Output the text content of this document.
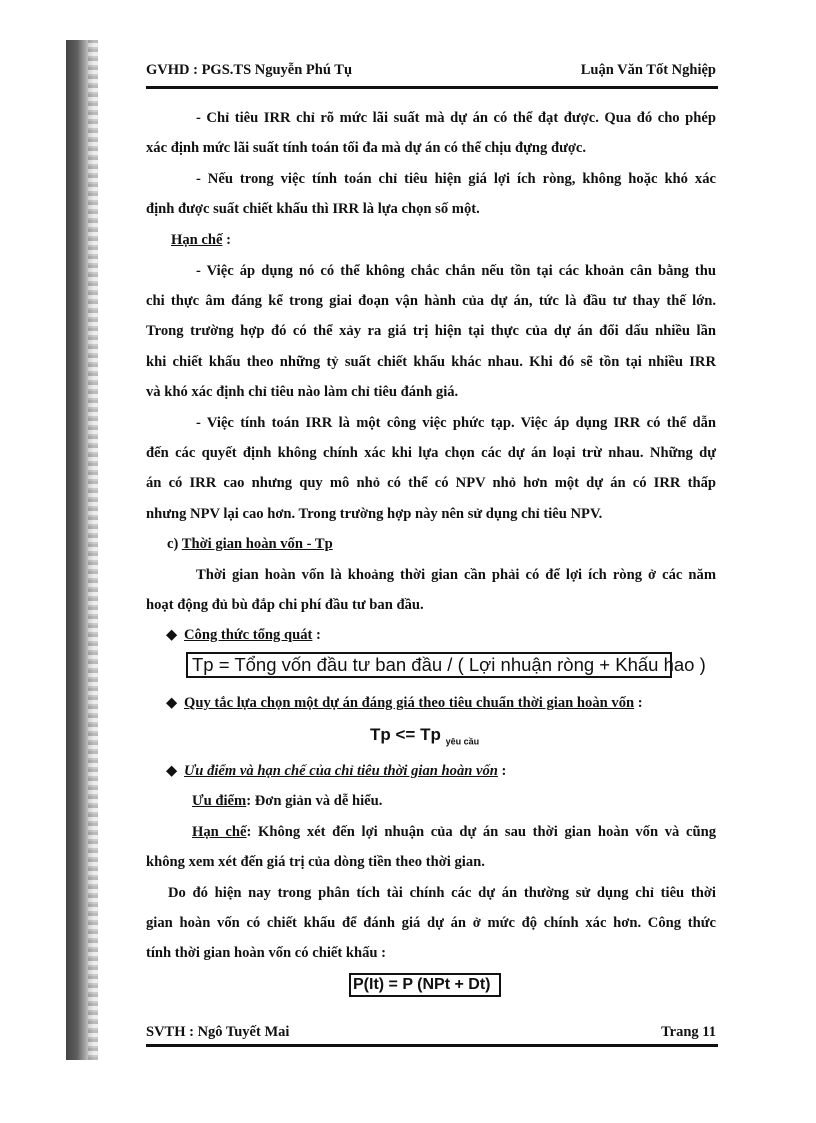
GVHD : PGS.TS Nguyễn Phú Tụ	Luận Văn Tốt Nghiệp
- Chỉ tiêu IRR chỉ rõ mức lãi suất mà dự án có thể đạt được. Qua đó cho phép
xác định mức lãi suất tính toán tối đa mà dự án có thể chịu đựng được.
- Nếu trong việc tính toán chỉ tiêu hiện giá lợi ích ròng, không hoặc khó xác
định được suất chiết khấu thì IRR là lựa chọn số một.
Hạn chế :
- Việc áp dụng nó có thể không chắc chắn nếu tồn tại các khoản cân bằng thu
chi thực âm đáng kể trong giai đoạn vận hành của dự án, tức là đầu tư thay thế lớn.
Trong trường hợp đó có thể xảy ra giá trị hiện tại thực của dự án đổi dấu nhiều lần
khi chiết khấu theo những tỷ suất chiết khấu khác nhau. Khi đó sẽ tồn tại nhiều IRR
và khó xác định chỉ tiêu nào làm chỉ tiêu đánh giá.
- Việc tính toán IRR là một công việc phức tạp. Việc áp dụng IRR có thể dẫn
đến các quyết định không chính xác khi lựa chọn các dự án loại trừ nhau. Những dự
án có IRR cao nhưng quy mô nhỏ có thể có NPV nhỏ hơn một dự án có IRR thấp
nhưng NPV lại cao hơn. Trong trường hợp này nên sử dụng chỉ tiêu NPV.
c) Thời gian hoàn vốn - Tp
Thời gian hoàn vốn là khoảng thời gian cần phải có để lợi ích ròng ở các năm
hoạt động đủ bù đắp chi phí đầu tư ban đầu.
◆ Công thức tổng quát :
Tp = Tổng vốn đầu tư ban đầu / ( Lợi nhuận ròng + Khấu hao )
◆ Quy tắc lựa chọn một dự án đáng giá theo tiêu chuẩn thời gian hoàn vốn :
Tp <= Tp $_{yêu cầu}$
◆ Ưu điểm và hạn chế của chỉ tiêu thời gian hoàn vốn :
Ưu điểm: Đơn giản và dễ hiểu.
Hạn chế: Không xét đến lợi nhuận của dự án sau thời gian hoàn vốn và cũng
không xem xét đến giá trị của dòng tiền theo thời gian.
Do đó hiện nay trong phân tích tài chính các dự án thường sử dụng chỉ tiêu thời
gian hoàn vốn có chiết khấu để đánh giá dự án ở mức độ chính xác hơn. Công thức
tính thời gian hoàn vốn có chiết khấu :
P(It) = P (NPt + Dt)
SVTH : Ngô Tuyết Mai	Trang 11
